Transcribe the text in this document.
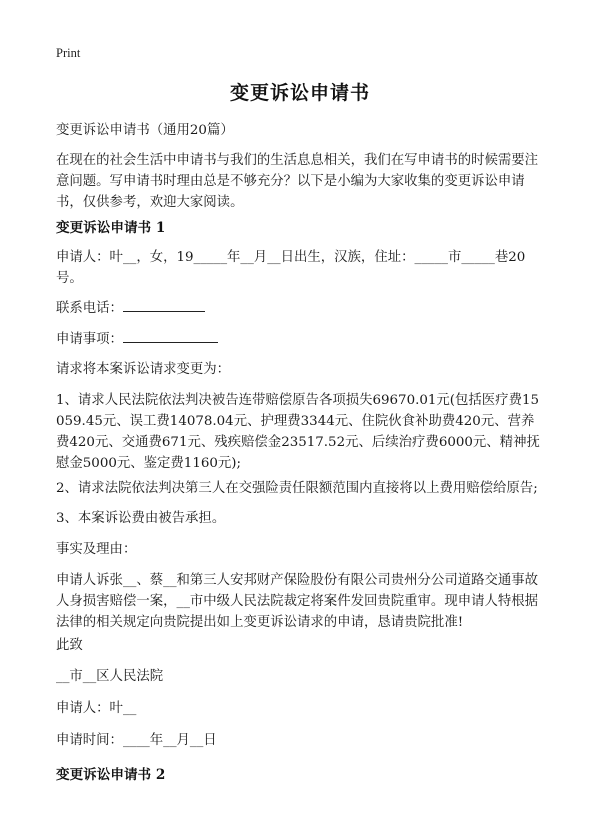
Print
变更诉讼申请书
变更诉讼申请书（通用20篇）
在现在的社会生活中申请书与我们的生活息息相关，我们在写申请书的时候需要注意问题。写申请书时理由总是不够充分？以下是小编为大家收集的变更诉讼申请书，仅供参考，欢迎大家阅读。
变更诉讼申请书 1
申请人：叶__，女，19_____年__月__日出生，汉族，住址：_____市_____巷20号。
联系电话：
申请事项：
请求将本案诉讼请求变更为：
1、请求人民法院依法判决被告连带赔偿原告各项损失69670.01元(包括医疗费15059.45元、误工费14078.04元、护理费3344元、住院伙食补助费420元、营养费420元、交通费671元、残疾赔偿金23517.52元、后续治疗费6000元、精神抚慰金5000元、鉴定费1160元);
2、请求法院依法判决第三人在交强险责任限额范围内直接将以上费用赔偿给原告;
3、本案诉讼费由被告承担。
事实及理由：
申请人诉张__、蔡__和第三人安邦财产保险股份有限公司贵州分公司道路交通事故人身损害赔偿一案，__市中级人民法院裁定将案件发回贵院重审。现申请人特根据法律的相关规定向贵院提出如上变更诉讼请求的申请，恳请贵院批准!
此致
__市__区人民法院
申请人：叶__
申请时间：____年__月__日
变更诉讼申请书 2
